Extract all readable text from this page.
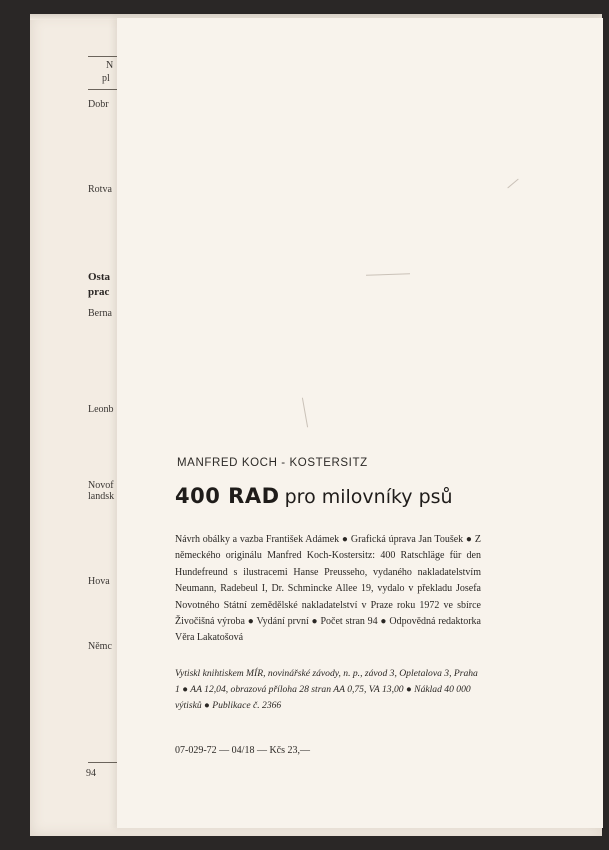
N
pl
Dobr
Rotva
Osta
prac
Berna
Leonb
Novof
landsk
Hova
Němc
94
MANFRED KOCH - KOSTERSITZ
400 RAD pro milovníky psů

Návrh obálky a vazba František Adámek ● Grafická úprava Jan Toušek ● Z německého originálu Manfred Koch-Kostersitz: 400 Ratschläge für den Hundefreund s ilustracemi Hanse Preusseho, vydaného nakladatelstvím Neumann, Radebeul I, Dr. Schmincke Allee 19, vydalo v překladu Josefa Novotného Státní zemědělské nakladatelství v Praze roku 1972 ve sbírce Živočišná výroba ● Vydání první ● Počet stran 94 ● Odpovědná redaktorka Věra Lakatošová

Vytiskl knihtiskem MÍR, novinářské závody, n. p., závod 3, Opletalova 3, Praha 1 ● AA 12,04, obrazová příloha 28 stran AA 0,75, VA 13,00 ● Náklad 40 000 výtisků ● Publikace č. 2366

07-029-72 — 04/18 — Kčs 23,—
